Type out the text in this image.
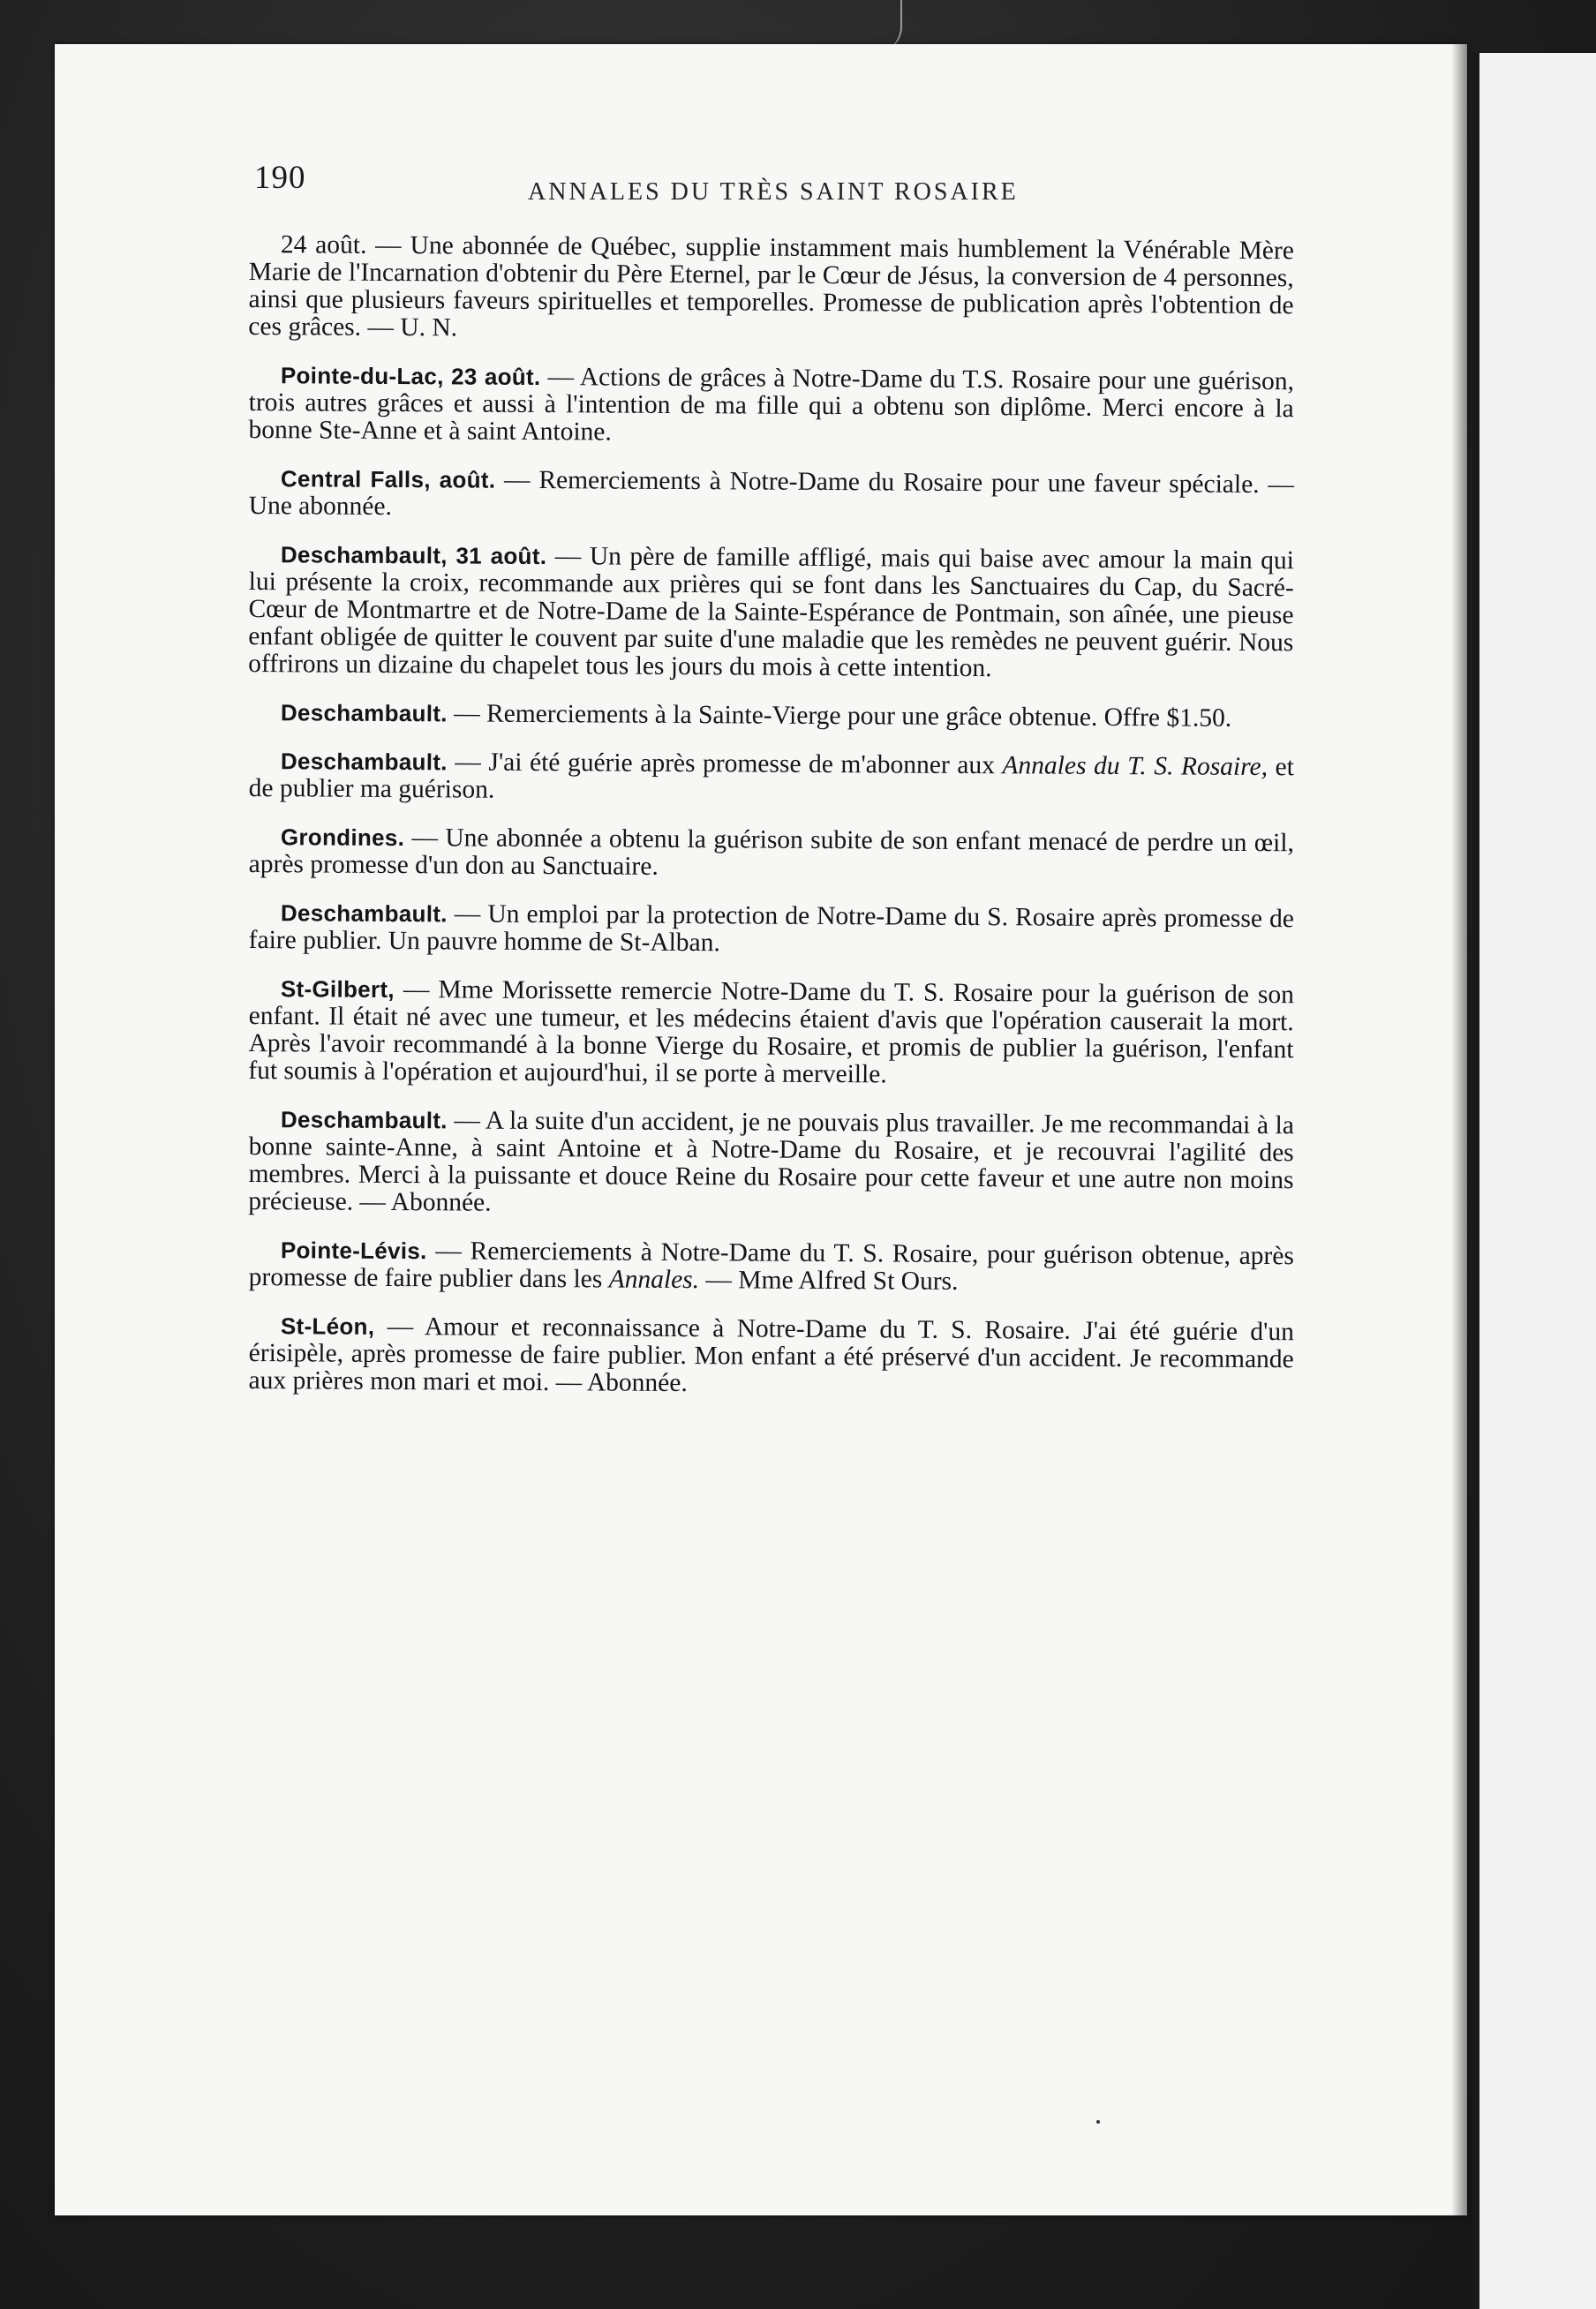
190	ANNALES DU TRÈS SAINT ROSAIRE

24 août. — Une abonnée de Québec, supplie instamment mais humblement la Vénérable Mère Marie de l'Incarnation d'obtenir du Père Eternel, par le Cœur de Jésus, la conversion de 4 personnes, ainsi que plusieurs faveurs spirituelles et temporelles. Promesse de publication après l'obtention de ces grâces. — U. N.

Pointe-du-Lac, 23 août. — Actions de grâces à Notre-Dame du T.S. Rosaire pour une guérison, trois autres grâces et aussi à l'intention de ma fille qui a obtenu son diplôme. Merci encore à la bonne Ste-Anne et à saint Antoine.

Central Falls, août. — Remerciements à Notre-Dame du Rosaire pour une faveur spéciale. — Une abonnée.

Deschambault, 31 août. — Un père de famille affligé, mais qui baise avec amour la main qui lui présente la croix, recommande aux prières qui se font dans les Sanctuaires du Cap, du Sacré-Cœur de Montmartre et de Notre-Dame de la Sainte-Espérance de Pontmain, son aînée, une pieuse enfant obligée de quitter le couvent par suite d'une maladie que les remèdes ne peuvent guérir. Nous offrirons un dizaine du chapelet tous les jours du mois à cette intention.

Deschambault. — Remerciements à la Sainte-Vierge pour une grâce obtenue. Offre $1.50.

Deschambault. — J'ai été guérie après promesse de m'abonner aux Annales du T. S. Rosaire, et de publier ma guérison.

Grondines. — Une abonnée a obtenu la guérison subite de son enfant menacé de perdre un œil, après promesse d'un don au Sanctuaire.

Deschambault. — Un emploi par la protection de Notre-Dame du S. Rosaire après promesse de faire publier. Un pauvre homme de St-Alban.

St-Gilbert, — Mme Morissette remercie Notre-Dame du T. S. Rosaire pour la guérison de son enfant. Il était né avec une tumeur, et les médecins étaient d'avis que l'opération causerait la mort. Après l'avoir recommandé à la bonne Vierge du Rosaire, et promis de publier la guérison, l'enfant fut soumis à l'opération et aujourd'hui, il se porte à merveille.

Deschambault. — A la suite d'un accident, je ne pouvais plus travailler. Je me recommandai à la bonne sainte-Anne, à saint Antoine et à Notre-Dame du Rosaire, et je recouvrai l'agilité des membres. Merci à la puissante et douce Reine du Rosaire pour cette faveur et une autre non moins précieuse. — Abonnée.

Pointe-Lévis. — Remerciements à Notre-Dame du T. S. Rosaire, pour guérison obtenue, après promesse de faire publier dans les Annales. — Mme Alfred St Ours.

St-Léon, — Amour et reconnaissance à Notre-Dame du T. S. Rosaire. J'ai été guérie d'un érisipèle, après promesse de faire publier. Mon enfant a été préservé d'un accident. Je recommande aux prières mon mari et moi. — Abonnée.
